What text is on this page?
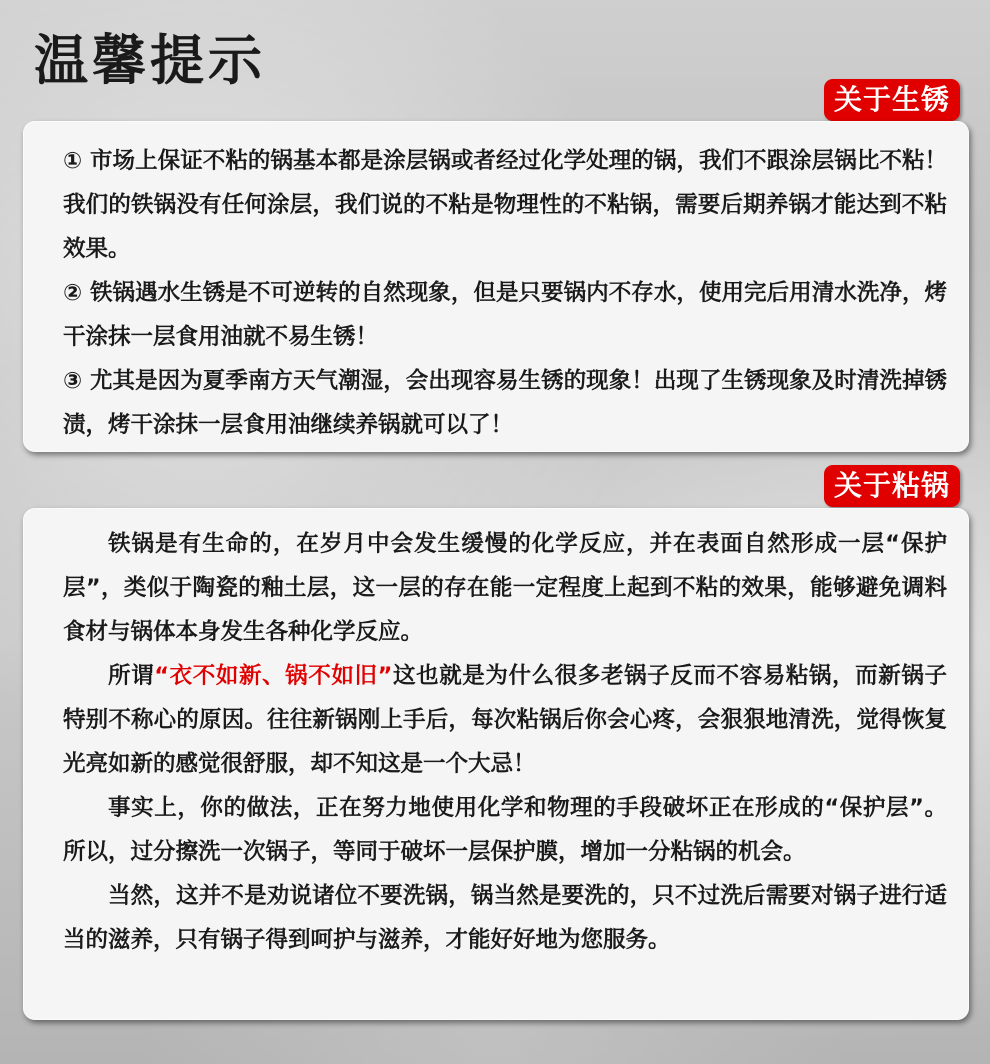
温馨提示
关于生锈

① 市场上保证不粘的锅基本都是涂层锅或者经过化学处理的锅，我们不跟涂层锅比不粘！我们的铁锅没有任何涂层，我们说的不粘是物理性的不粘锅，需要后期养锅才能达到不粘效果。

② 铁锅遇水生锈是不可逆转的自然现象，但是只要锅内不存水，使用完后用清水洗净，烤干涂抹一层食用油就不易生锈！

③ 尤其是因为夏季南方天气潮湿，会出现容易生锈的现象！出现了生锈现象及时清洗掉锈渍，烤干涂抹一层食用油继续养锅就可以了！

关于粘锅

铁锅是有生命的，在岁月中会发生缓慢的化学反应，并在表面自然形成一层“保护层”，类似于陶瓷的釉土层，这一层的存在能一定程度上起到不粘的效果，能够避免调料食材与锅体本身发生各种化学反应。

所谓“衣不如新、锅不如旧”这也就是为什么很多老锅子反而不容易粘锅，而新锅子特别不称心的原因。往往新锅刚上手后，每次粘锅后你会心疼，会狠狠地清洗，觉得恢复光亮如新的感觉很舒服，却不知这是一个大忌！

事实上，你的做法，正在努力地使用化学和物理的手段破坏正在形成的“保护层”。所以，过分擦洗一次锅子，等同于破坏一层保护膜，增加一分粘锅的机会。

当然，这并不是劝说诸位不要洗锅，锅当然是要洗的，只不过洗后需要对锅子进行适当的滋养，只有锅子得到呵护与滋养，才能好好地为您服务。
